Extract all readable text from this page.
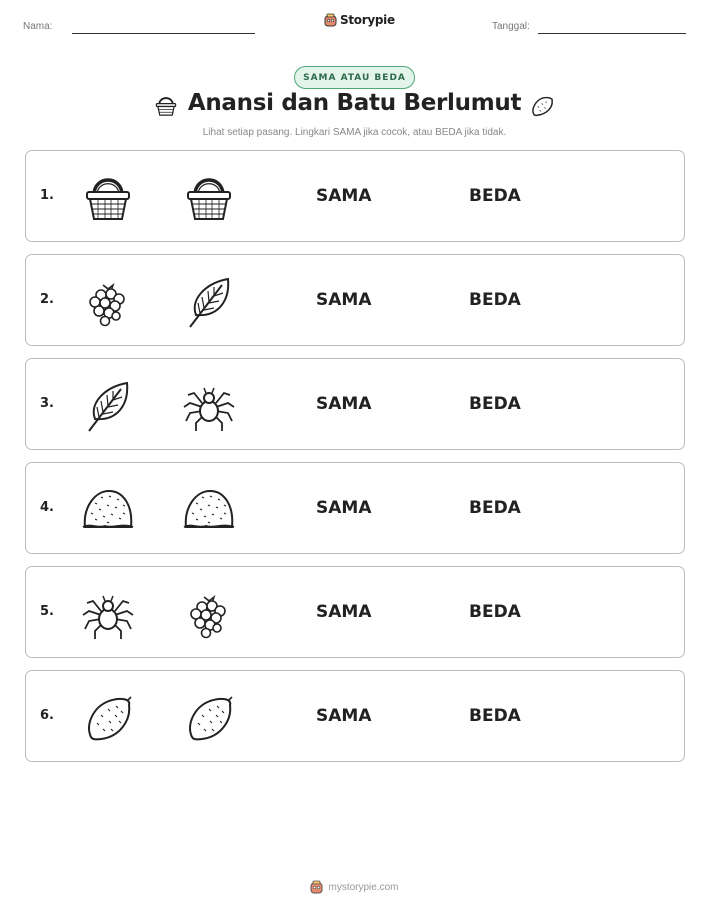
Nama:	Storypie	Tanggal:
SAMA ATAU BEDA
Anansi dan Batu Berlumut
Lihat setiap pasang. Lingkari SAMA jika cocok, atau BEDA jika tidak.
1.	SAMA	BEDA
2.	SAMA	BEDA
3.	SAMA	BEDA
4.	SAMA	BEDA
5.	SAMA	BEDA
6.	SAMA	BEDA
mystorypie.com
